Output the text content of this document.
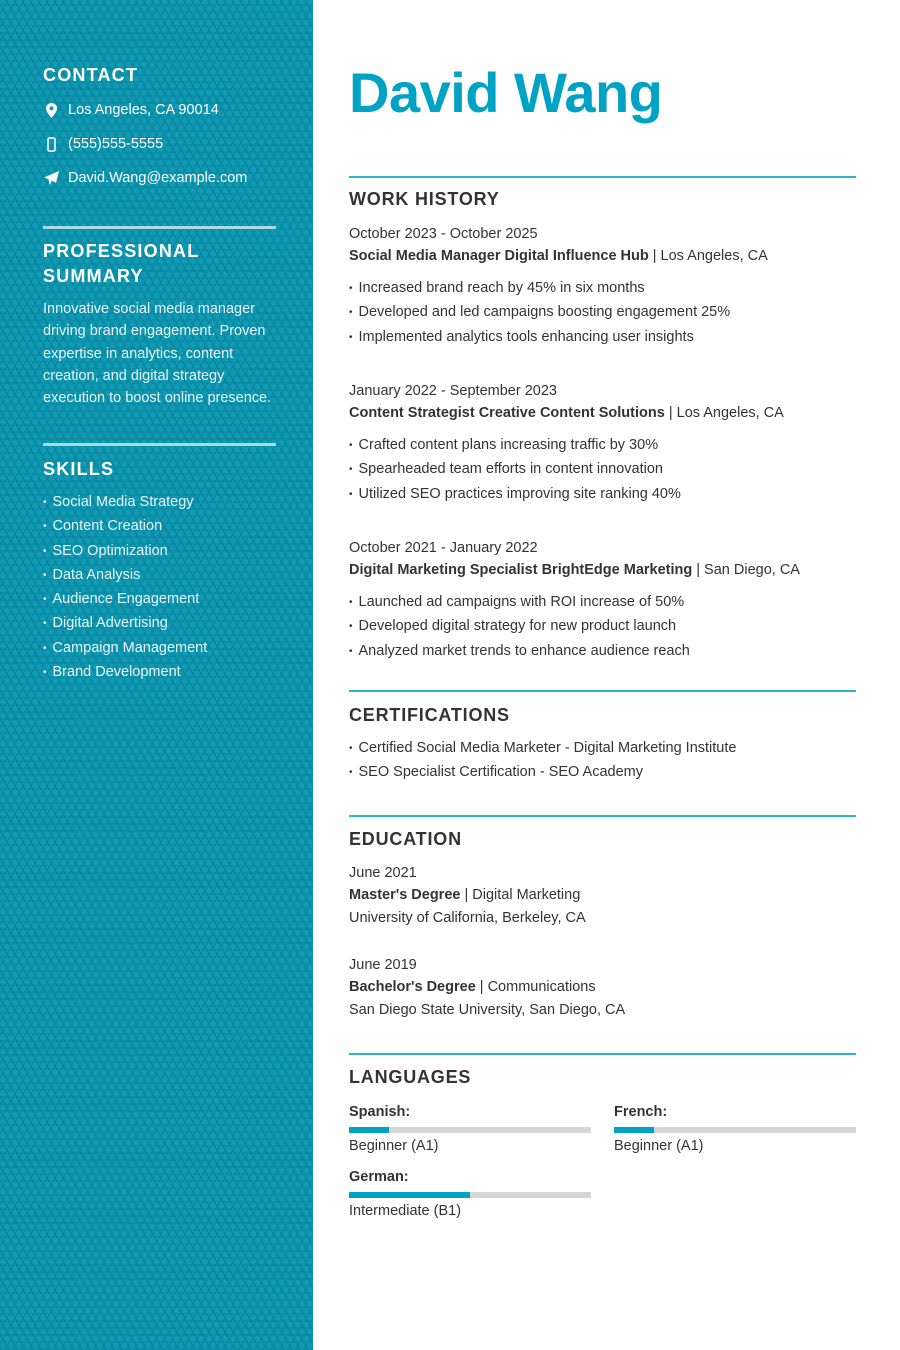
CONTACT
Los Angeles, CA 90014
(555)555-5555
David.Wang@example.com
PROFESSIONAL
SUMMARY

Innovative social media manager driving brand engagement. Proven expertise in analytics, content creation, and digital strategy execution to boost online presence.

SKILLS
• Social Media Strategy
• Content Creation
• SEO Optimization
• Data Analysis
• Audience Engagement
• Digital Advertising
• Campaign Management
• Brand Development
David Wang
WORK HISTORY
October 2023 - October 2025
Social Media Manager Digital Influence Hub | Los Angeles, CA
• Increased brand reach by 45% in six months
• Developed and led campaigns boosting engagement 25%
• Implemented analytics tools enhancing user insights
January 2022 - September 2023
Content Strategist Creative Content Solutions | Los Angeles, CA
• Crafted content plans increasing traffic by 30%
• Spearheaded team efforts in content innovation
• Utilized SEO practices improving site ranking 40%
October 2021 - January 2022
Digital Marketing Specialist BrightEdge Marketing | San Diego, CA
• Launched ad campaigns with ROI increase of 50%
• Developed digital strategy for new product launch
• Analyzed market trends to enhance audience reach
CERTIFICATIONS
• Certified Social Media Marketer - Digital Marketing Institute
• SEO Specialist Certification - SEO Academy
EDUCATION
June 2021
Master's Degree | Digital Marketing
University of California, Berkeley, CA
June 2019
Bachelor's Degree | Communications
San Diego State University, San Diego, CA
LANGUAGES
Spanish:
Beginner (A1)
French:
Beginner (A1)
German:
Intermediate (B1)
